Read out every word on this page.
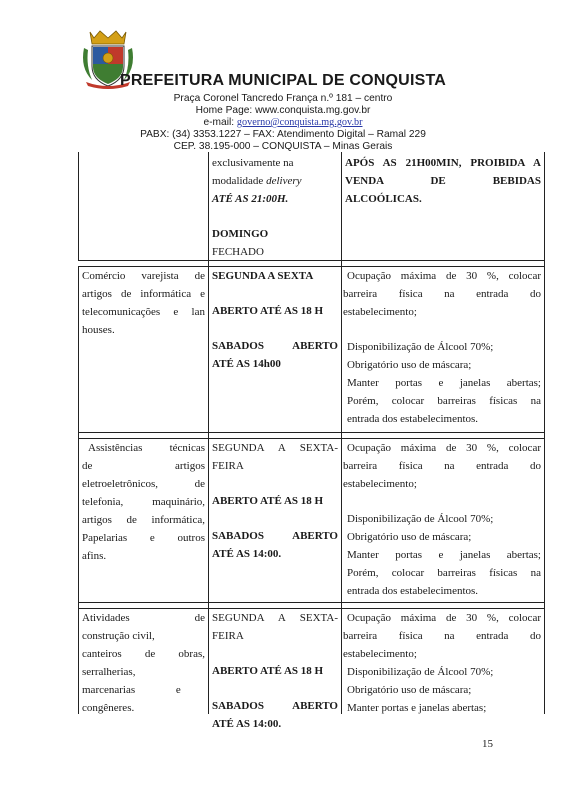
PREFEITURA MUNICIPAL DE CONQUISTA
Praça Coronel Tancredo França n.º 181 – centro
Home Page: www.conquista.mg.gov.br
e-mail: governo@conquista.mg.gov.br
PABX: (34) 3353.1227 – FAX: Atendimento Digital – Ramal 229
CEP. 38.195-000 – CONQUISTA – Minas Gerais

exclusivamente na

modalidade delivery

ATÉ AS 21:00H.

DOMINGO

FECHADO

APÓS AS 21H00MIN, PROIBIDA A

VENDA DE BEBIDAS

ALCOÓLICAS.

Comércio varejista de

artigos de informática e

telecomunicações e lan

houses.

SEGUNDA A SEXTA

ABERTO ATÉ AS 18 H

SABADOS ABERTO

ATÉ AS 14h00

Ocupação máxima de 30 %, colocar

barreira física na entrada do

estabelecimento;

Disponibilização de Álcool 70%;

Obrigatório uso de máscara;

Manter portas e janelas abertas;

Porém, colocar barreiras físicas na

entrada dos estabelecimentos.

Assistências técnicas

de artigos

eletroeletrônicos, de

telefonia, maquinário,

artigos de informática,

Papelarias e outros

afins.

SEGUNDA A SEXTA-

FEIRA

ABERTO ATÉ AS 18 H

SABADOS ABERTO

ATÉ AS 14:00.

Ocupação máxima de 30 %, colocar

barreira física na entrada do

estabelecimento;

Disponibilização de Álcool 70%;

Obrigatório uso de máscara;

Manter portas e janelas abertas;

Porém, colocar barreiras físicas na

entrada dos estabelecimentos.

Atividades de

construção civil,

canteiros de obras,

serralherias,

marcenarias e

congêneres.

SEGUNDA A SEXTA-

FEIRA

ABERTO ATÉ AS 18 H

SABADOS ABERTO

ATÉ AS 14:00.

Ocupação máxima de 30 %, colocar

barreira física na entrada do

estabelecimento;

Disponibilização de Álcool 70%;

Obrigatório uso de máscara;

Manter portas e janelas abertas;

15
